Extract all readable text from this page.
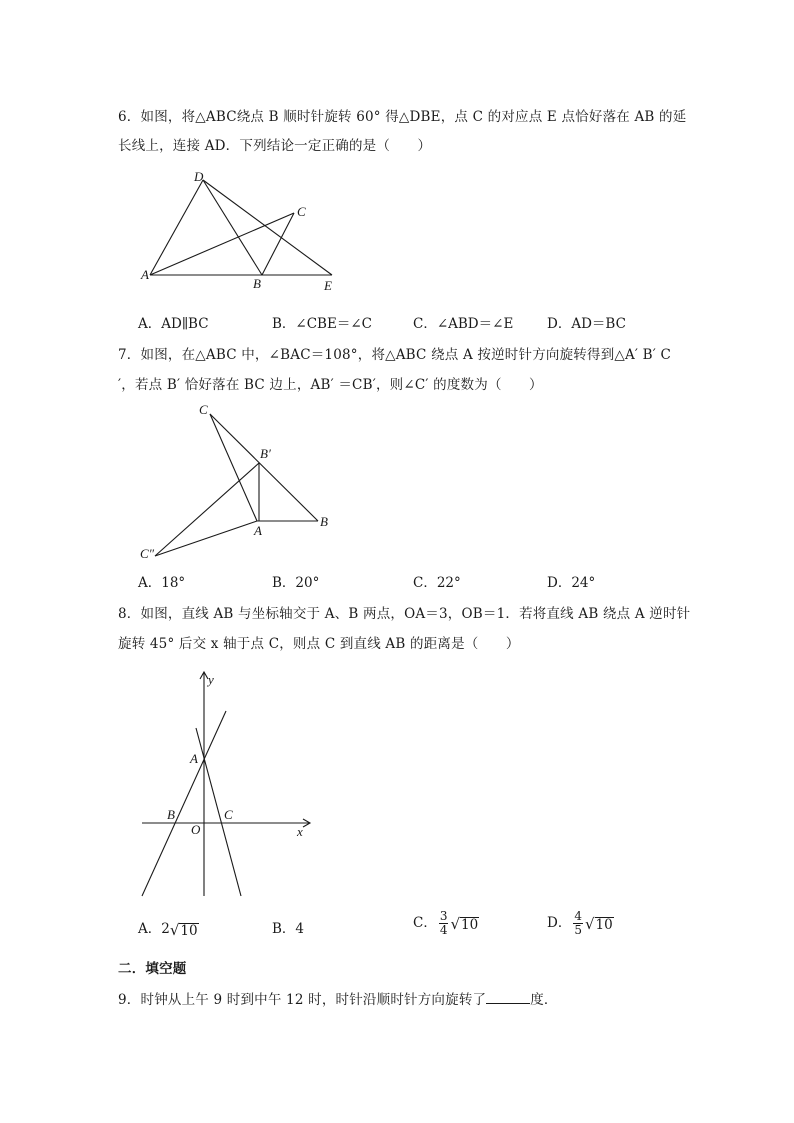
6．如图，将△ABC绕点 B 顺时针旋转 60° 得△DBE，点 C 的对应点 E 点恰好落在 AB 的延
长线上，连接 AD．下列结论一定正确的是（　　）
D
C
A
B	E
A．AD∥BC	B．∠CBE＝∠C	C．∠ABD＝∠E D．AD＝BC
7．如图，在△ABC 中，∠BAC＝108°，将△ABC 绕点 A 按逆时针方向旋转得到△A′ B′ C
′，若点 B′ 恰好落在 BC 边上，AB′ ＝CB′，则∠C′ 的度数为（　　）
C
B′
A
B
C″
A．18°	B．20°	C．22°	D．24°
8．如图，直线 AB 与坐标轴交于 A、B 两点，OA＝3，OB＝1．若将直线 AB 绕点 A 逆时针
旋转 45° 后交 x 轴于点 C，则点 C 到直线 AB 的距离是（　　）
y
x
A
B
O
C
A．2√10	B．4	C． $\frac{3}{4} √10$	D． $\frac{4}{5} √10$
二．填空题
9．时钟从上午 9 时到中午 12 时，时针沿顺时针方向旋转了	度．
